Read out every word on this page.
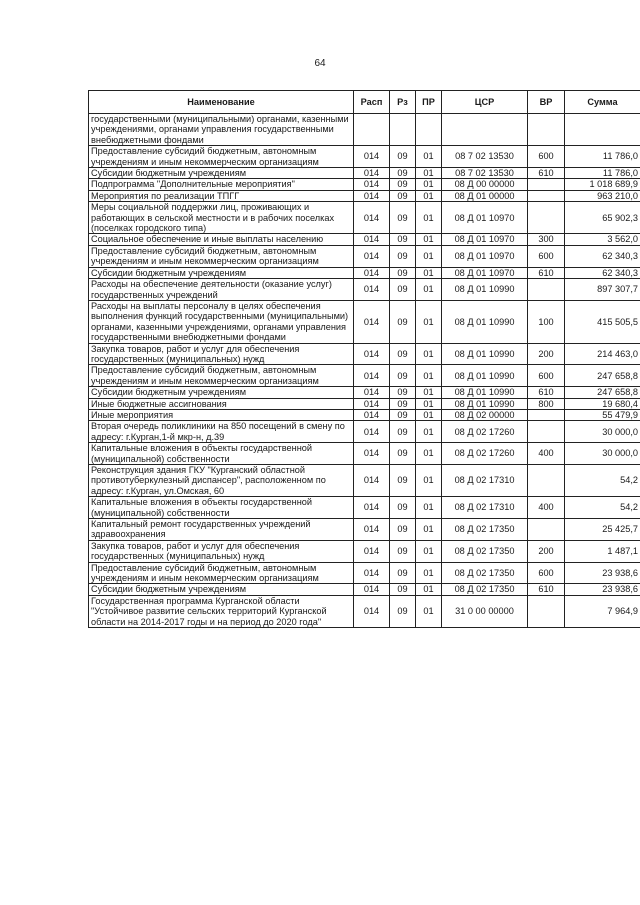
64
Наименование	Расп	Рз	ПР	ЦСР	ВР	Сумма
государственными (муниципальными) органами, казенными учреждениями, органами управления государственными внебюджетными фондами						
Предоставление субсидий бюджетным, автономным учреждениям и иным некоммерческим организациям	014	09	01	08 7 02 13530	600	11 786,0
Субсидии бюджетным учреждениям	014	09	01	08 7 02 13530	610	11 786,0
Подпрограмма "Дополнительные мероприятия"	014	09	01	08 Д 00 00000		1 018 689,9
Мероприятия по реализации ТПГГ	014	09	01	08 Д 01 00000		963 210,0
Меры социальной поддержки лиц, проживающих и работающих в сельской местности и в рабочих поселках (поселках городского типа)	014	09	01	08 Д 01 10970		65 902,3
Социальное обеспечение и иные выплаты населению	014	09	01	08 Д 01 10970	300	3 562,0
Предоставление субсидий бюджетным, автономным учреждениям и иным некоммерческим организациям	014	09	01	08 Д 01 10970	600	62 340,3
Субсидии бюджетным учреждениям	014	09	01	08 Д 01 10970	610	62 340,3
Расходы на обеспечение деятельности (оказание услуг) государственных учреждений	014	09	01	08 Д 01 10990		897 307,7
Расходы на выплаты персоналу в целях обеспечения выполнения функций государственными (муниципальными) органами, казенными учреждениями, органами управления государственными внебюджетными фондами	014	09	01	08 Д 01 10990	100	415 505,5
Закупка товаров, работ и услуг для обеспечения государственных (муниципальных) нужд	014	09	01	08 Д 01 10990	200	214 463,0
Предоставление субсидий бюджетным, автономным учреждениям и иным некоммерческим организациям	014	09	01	08 Д 01 10990	600	247 658,8
Субсидии бюджетным учреждениям	014	09	01	08 Д 01 10990	610	247 658,8
Иные бюджетные ассигнования	014	09	01	08 Д 01 10990	800	19 680,4
Иные мероприятия	014	09	01	08 Д 02 00000		55 479,9
Вторая очередь поликлиники на 850 посещений в смену по адресу: г.Курган,1-й мкр-н, д.39	014	09	01	08 Д 02 17260		30 000,0
Капитальные вложения в объекты государственной (муниципальной) собственности	014	09	01	08 Д 02 17260	400	30 000,0
Реконструкция здания ГКУ "Курганский областной противотуберкулезный диспансер", расположенном по адресу: г.Курган, ул.Омская, 60	014	09	01	08 Д 02 17310		54,2
Капитальные вложения в объекты государственной (муниципальной) собственности	014	09	01	08 Д 02 17310	400	54,2
Капитальный ремонт государственных учреждений здравоохранения	014	09	01	08 Д 02 17350		25 425,7
Закупка товаров, работ и услуг для обеспечения государственных (муниципальных) нужд	014	09	01	08 Д 02 17350	200	1 487,1
Предоставление субсидий бюджетным, автономным учреждениям и иным некоммерческим организациям	014	09	01	08 Д 02 17350	600	23 938,6
Субсидии бюджетным учреждениям	014	09	01	08 Д 02 17350	610	23 938,6
Государственная программа Курганской области "Устойчивое развитие сельских территорий Курганской области на 2014-2017 годы и на период до 2020 года"	014	09	01	31 0 00 00000		7 964,9
